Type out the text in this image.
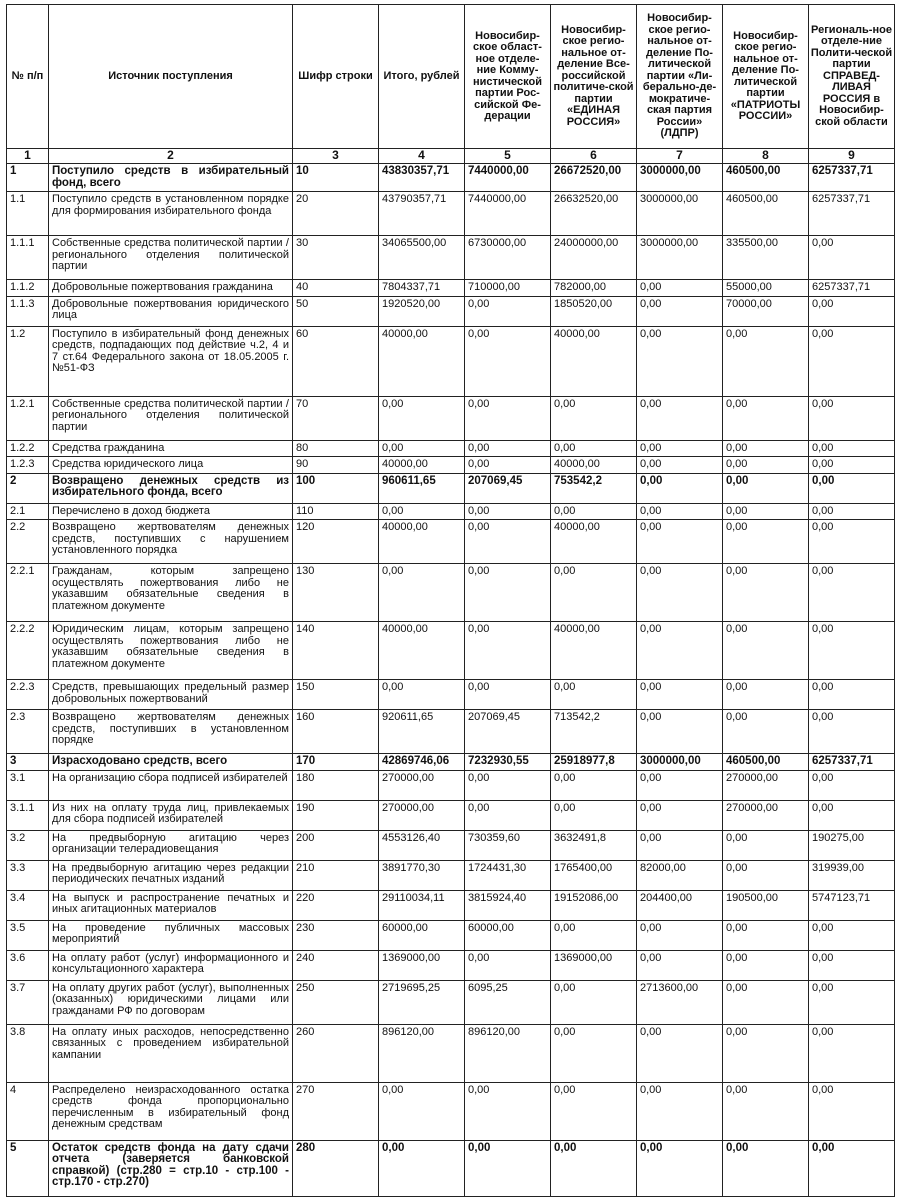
№ п/п	Источник поступления	Шифр строки	Итого, рублей	Новосибир-ское област-ное отделе-ние Комму-нистической партии Рос-сийской Фе-дерации	Новосибир-ское регио-нальное от-деление Все-российской политиче-ской партии «ЕДИНАЯ РОССИЯ»	Новосибир-ское регио-нальное от-деление По-литической партии «Ли-берально-де-мократиче-ская партия России» (ЛДПР)	Новосибир-ское регио-нальное от-деление По-литической партии «ПАТРИОТЫ РОССИИ»	Региональ-ное отделе-ние Полити-ческой партии СПРАВЕД-ЛИВАЯ РОССИЯ в Новосибир-ской области
1	2	3	4	5	6	7	8	9
1	Поступило средств в избирательный фонд, всего	10	43830357,71	7440000,00	26672520,00	3000000,00	460500,00	6257337,71
1.1	Поступило средств в установленном порядке для формирования избирательного фонда	20	43790357,71	7440000,00	26632520,00	3000000,00	460500,00	6257337,71
1.1.1	Собственные средства политической партии / регионального отделения политической партии	30	34065500,00	6730000,00	24000000,00	3000000,00	335500,00	0,00
1.1.2	Добровольные пожертвования гражданина	40	7804337,71	710000,00	782000,00	0,00	55000,00	6257337,71
1.1.3	Добровольные пожертвования юридического лица	50	1920520,00	0,00	1850520,00	0,00	70000,00	0,00
1.2	Поступило в избирательный фонд денежных средств, подпадающих под действие ч.2, 4 и 7 ст.64 Федерального закона от 18.05.2005 г. №51-ФЗ	60	40000,00	0,00	40000,00	0,00	0,00	0,00
1.2.1	Собственные средства политической партии / регионального отделения политической партии	70	0,00	0,00	0,00	0,00	0,00	0,00
1.2.2	Средства гражданина	80	0,00	0,00	0,00	0,00	0,00	0,00
1.2.3	Средства юридического лица	90	40000,00	0,00	40000,00	0,00	0,00	0,00
2	Возвращено денежных средств из избирательного фонда, всего	100	960611,65	207069,45	753542,2	0,00	0,00	0,00
2.1	Перечислено в доход бюджета	110	0,00	0,00	0,00	0,00	0,00	0,00
2.2	Возвращено жертвователям денежных средств, поступивших с нарушением установленного порядка	120	40000,00	0,00	40000,00	0,00	0,00	0,00
2.2.1	Гражданам, которым запрещено осуществлять пожертвования либо не указавшим обязательные сведения в платежном документе	130	0,00	0,00	0,00	0,00	0,00	0,00
2.2.2	Юридическим лицам, которым запрещено осуществлять пожертвования либо не указавшим обязательные сведения в платежном документе	140	40000,00	0,00	40000,00	0,00	0,00	0,00
2.2.3	Средств, превышающих предельный размер добровольных пожертвований	150	0,00	0,00	0,00	0,00	0,00	0,00
2.3	Возвращено жертвователям денежных средств, поступивших в установленном порядке	160	920611,65	207069,45	713542,2	0,00	0,00	0,00
3	Израсходовано средств, всего	170	42869746,06	7232930,55	25918977,8	3000000,00	460500,00	6257337,71
3.1	На организацию сбора подписей избирателей	180	270000,00	0,00	0,00	0,00	270000,00	0,00
3.1.1	Из них на оплату труда лиц, привлекаемых для сбора подписей избирателей	190	270000,00	0,00	0,00	0,00	270000,00	0,00
3.2	На предвыборную агитацию через организации телерадиовещания	200	4553126,40	730359,60	3632491,8	0,00	0,00	190275,00
3.3	На предвыборную агитацию через редакции периодических печатных изданий	210	3891770,30	1724431,30	1765400,00	82000,00	0,00	319939,00
3.4	На выпуск и распространение печатных и иных агитационных материалов	220	29110034,11	3815924,40	19152086,00	204400,00	190500,00	5747123,71
3.5	На проведение публичных массовых мероприятий	230	60000,00	60000,00	0,00	0,00	0,00	0,00
3.6	На оплату работ (услуг) информационного и консультационного характера	240	1369000,00	0,00	1369000,00	0,00	0,00	0,00
3.7	На оплату других работ (услуг), выполненных (оказанных) юридическими лицами или гражданами РФ по договорам	250	2719695,25	6095,25	0,00	2713600,00	0,00	0,00
3.8	На оплату иных расходов, непосредственно связанных с проведением избирательной кампании	260	896120,00	896120,00	0,00	0,00	0,00	0,00
4	Распределено неизрасходованного остатка средств фонда пропорционально перечисленным в избирательный фонд денежным средствам	270	0,00	0,00	0,00	0,00	0,00	0,00
5	Остаток средств фонда на дату сдачи отчета (заверяется банковской справкой) (стр.280 = стр.10 - стр.100 - стр.170 - стр.270)	280	0,00	0,00	0,00	0,00	0,00	0,00
